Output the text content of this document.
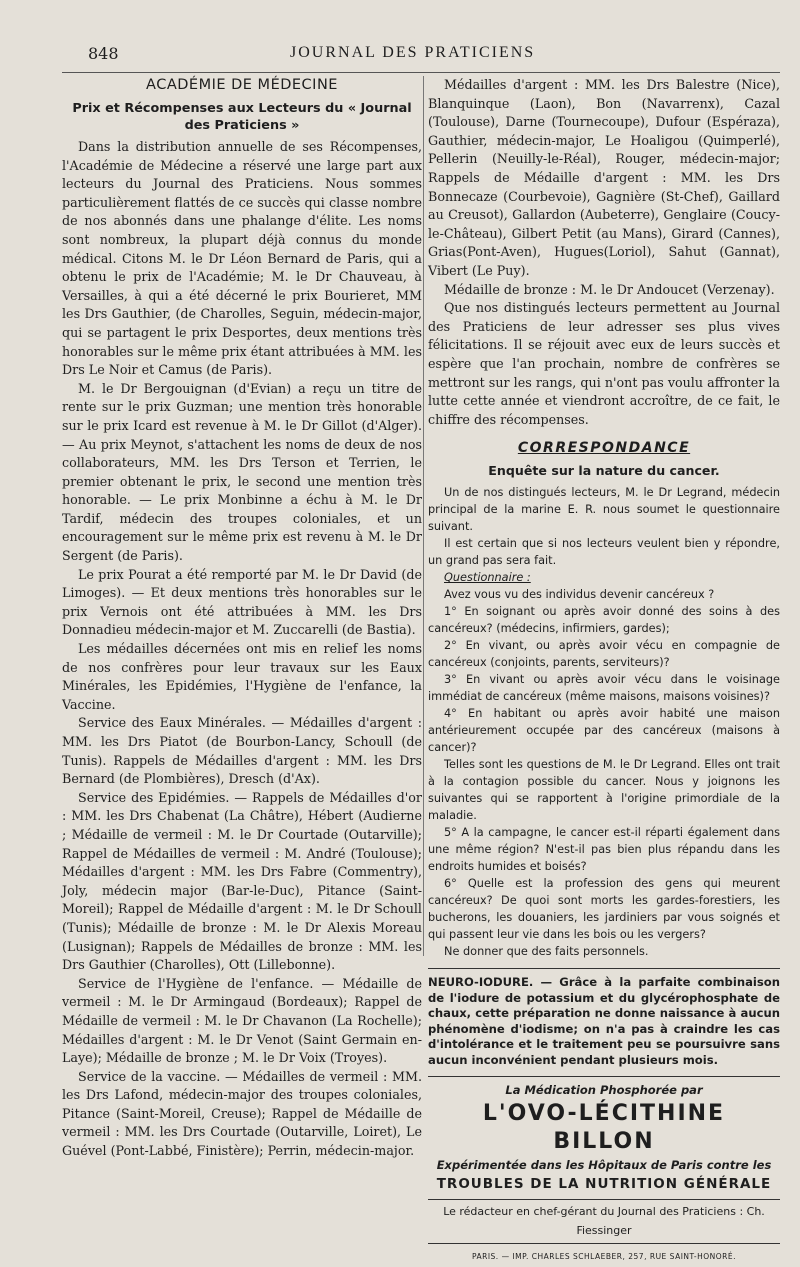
848	JOURNAL DES PRATICIENS
ACADÉMIE DE MÉDECINE
Prix et Récompenses aux Lecteurs du « Journal des Praticiens »

Dans la distribution annuelle de ses Récompenses, l'Académie de Médecine a réservé une large part aux lecteurs du Journal des Praticiens. Nous sommes particulièrement flattés de ce succès qui classe nombre de nos abonnés dans une phalange d'élite. Les noms sont nombreux, la plupart déjà connus du monde médical. Citons M. le Dr Léon Bernard de Paris, qui a obtenu le prix de l'Académie; M. le Dr Chauveau, à Versailles, à qui a été décerné le prix Bourieret, MM les Drs Gauthier, (de Charolles, Seguin, médecin-major, qui se partagent le prix Desportes, deux mentions très honorables sur le même prix étant attribuées à MM. les Drs Le Noir et Camus (de Paris).

M. le Dr Bergouignan (d'Evian) a reçu un titre de rente sur le prix Guzman; une mention très honorable sur le prix Icard est revenue à M. le Dr Gillot (d'Alger). — Au prix Meynot, s'attachent les noms de deux de nos collaborateurs, MM. les Drs Terson et Terrien, le premier obtenant le prix, le second une mention très honorable. — Le prix Monbinne a échu à M. le Dr Tardif, médecin des troupes coloniales, et un encouragement sur le même prix est revenu à M. le Dr Sergent (de Paris).

Le prix Pourat a été remporté par M. le Dr David (de Limoges). — Et deux mentions très honorables sur le prix Vernois ont été attribuées à MM. les Drs Donnadieu médecin-major et M. Zuccarelli (de Bastia).

Les médailles décernées ont mis en relief les noms de nos confrères pour leur travaux sur les Eaux Minérales, les Epidémies, l'Hygiène de l'enfance, la Vaccine.

Service des Eaux Minérales. — Médailles d'argent : MM. les Drs Piatot (de Bourbon-Lancy, Schoull (de Tunis). Rappels de Médailles d'argent : MM. les Drs Bernard (de Plombières), Dresch (d'Ax).

Service des Epidémies. — Rappels de Médailles d'or : MM. les Drs Chabenat (La Châtre), Hébert (Audierne ; Médaille de vermeil : M. le Dr Courtade (Outarville); Rappel de Médailles de vermeil : M. André (Toulouse); Médailles d'argent : MM. les Drs Fabre (Commentry), Joly, médecin major (Bar-le-Duc), Pitance (Saint-Moreil); Rappel de Médaille d'argent : M. le Dr Schoull (Tunis); Médaille de bronze : M. le Dr Alexis Moreau (Lusignan); Rappels de Médailles de bronze : MM. les Drs Gauthier (Charolles), Ott (Lillebonne).

Service de l'Hygiène de l'enfance. — Médaille de vermeil : M. le Dr Armingaud (Bordeaux); Rappel de Médaille de vermeil : M. le Dr Chavanon (La Rochelle); Médailles d'argent : M. le Dr Venot (Saint Germain en-Laye); Médaille de bronze ; M. le Dr Voix (Troyes).

Service de la vaccine. — Médailles de vermeil : MM. les Drs Lafond, médecin-major des troupes coloniales, Pitance (Saint-Moreil, Creuse); Rappel de Médaille de vermeil : MM. les Drs Courtade (Outarville, Loiret), Le Guével (Pont-Labbé, Finistère); Perrin, médecin-major.

Médailles d'argent : MM. les Drs Balestre (Nice), Blanquinque (Laon), Bon (Navarrenx), Cazal (Toulouse), Darne (Tournecoupe), Dufour (Espéraza), Gauthier, médecin-major, Le Hoaligou (Quimperlé), Pellerin (Neuilly-le-Réal), Rouger, médecin-major; Rappels de Médaille d'argent : MM. les Drs Bonnecaze (Courbevoie), Gagnière (St-Chef), Gaillard au Creusot), Gallardon (Aubeterre), Genglaire (Coucy-le-Château), Gilbert Petit (au Mans), Girard (Cannes), Grias(Pont-Aven), Hugues(Loriol), Sahut (Gannat), Vibert (Le Puy).

Médaille de bronze : M. le Dr Andoucet (Verzenay).

Que nos distingués lecteurs permettent au Journal des Praticiens de leur adresser ses plus vives félicitations. Il se réjouit avec eux de leurs succès et espère que l'an prochain, nombre de confrères se mettront sur les rangs, qui n'ont pas voulu affronter la lutte cette année et viendront accroître, de ce fait, le chiffre des récompenses.

CORRESPONDANCE
Enquête sur la nature du cancer.

Un de nos distingués lecteurs, M. le Dr Legrand, médecin principal de la marine E. R. nous soumet le questionnaire suivant.

Il est certain que si nos lecteurs veulent bien y répondre, un grand pas sera fait.

Questionnaire :

Avez vous vu des individus devenir cancéreux ?

1° En soignant ou après avoir donné des soins à des cancéreux? (médecins, infirmiers, gardes);

2° En vivant, ou après avoir vécu en compagnie de cancéreux (conjoints, parents, serviteurs)?

3° En vivant ou après avoir vécu dans le voisinage immédiat de cancéreux (même maisons, maisons voisines)?

4° En habitant ou après avoir habité une maison antérieurement occupée par des cancéreux (maisons à cancer)?

Telles sont les questions de M. le Dr Legrand. Elles ont trait à la contagion possible du cancer. Nous y joignons les suivantes qui se rapportent à l'origine primordiale de la maladie.

5° A la campagne, le cancer est-il réparti également dans une même région? N'est-il pas bien plus répandu dans les endroits humides et boisés?

6° Quelle est la profession des gens qui meurent cancéreux? De quoi sont morts les gardes-forestiers, les bucherons, les douaniers, les jardiniers par vous soignés et qui passent leur vie dans les bois ou les vergers?

Ne donner que des faits personnels.

NEURO-IODURE. — Grâce à la parfaite combinaison de l'iodure de potassium et du glycérophosphate de chaux, cette préparation ne donne naissance à aucun phénomène d'iodisme; on n'a pas à craindre les cas d'intolérance et le traitement peu se poursuivre sans aucun inconvénient pendant plusieurs mois.

La Médication Phosphorée par
L'OVO-LÉCITHINE BILLON
Expérimentée dans les Hôpitaux de Paris contre les
TROUBLES DE LA NUTRITION GÉNÉRALE
Le rédacteur en chef-gérant du Journal des Praticiens : Ch. Fiessinger
PARIS. — IMP. CHARLES SCHLAEBER, 257, RUE SAINT-HONORÉ.
